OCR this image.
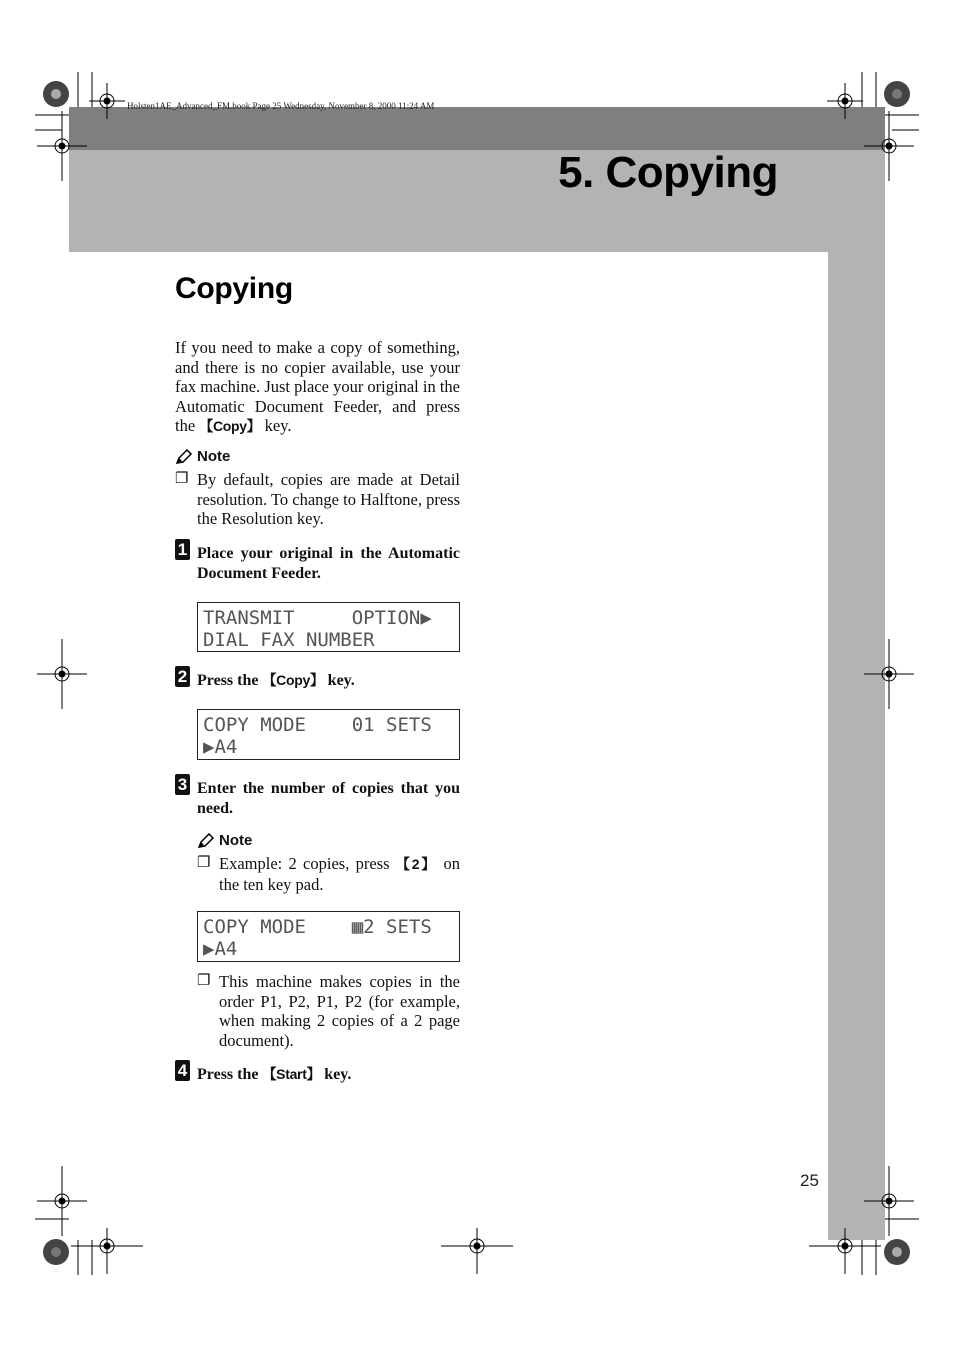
Holsten1AE_Advanced_FM.book Page 25 Wednesday, November 8, 2000 11:24 AM
5. Copying
Copying
If you need to make a copy of something, and there is no copier available, use your fax machine. Just place your original in the Automatic Document Feeder, and press the 【Copy】 key.
Note
❐ By default, copies are made at Detail resolution. To change to Halftone, press the Resolution key.
1 Place your original in the Automatic Document Feeder.
TRANSMIT     OPTION▶
DIAL FAX NUMBER
2 Press the 【Copy】 key.
COPY MODE    01 SETS
▶A4
3 Enter the number of copies that you need.
Note
❐ Example: 2 copies, press 【2】 on the ten key pad.
COPY MODE    ▦2 SETS
▶A4
❐ This machine makes copies in the order P1, P2, P1, P2 (for example, when making 2 copies of a 2 page document).
4 Press the 【Start】 key.
25
